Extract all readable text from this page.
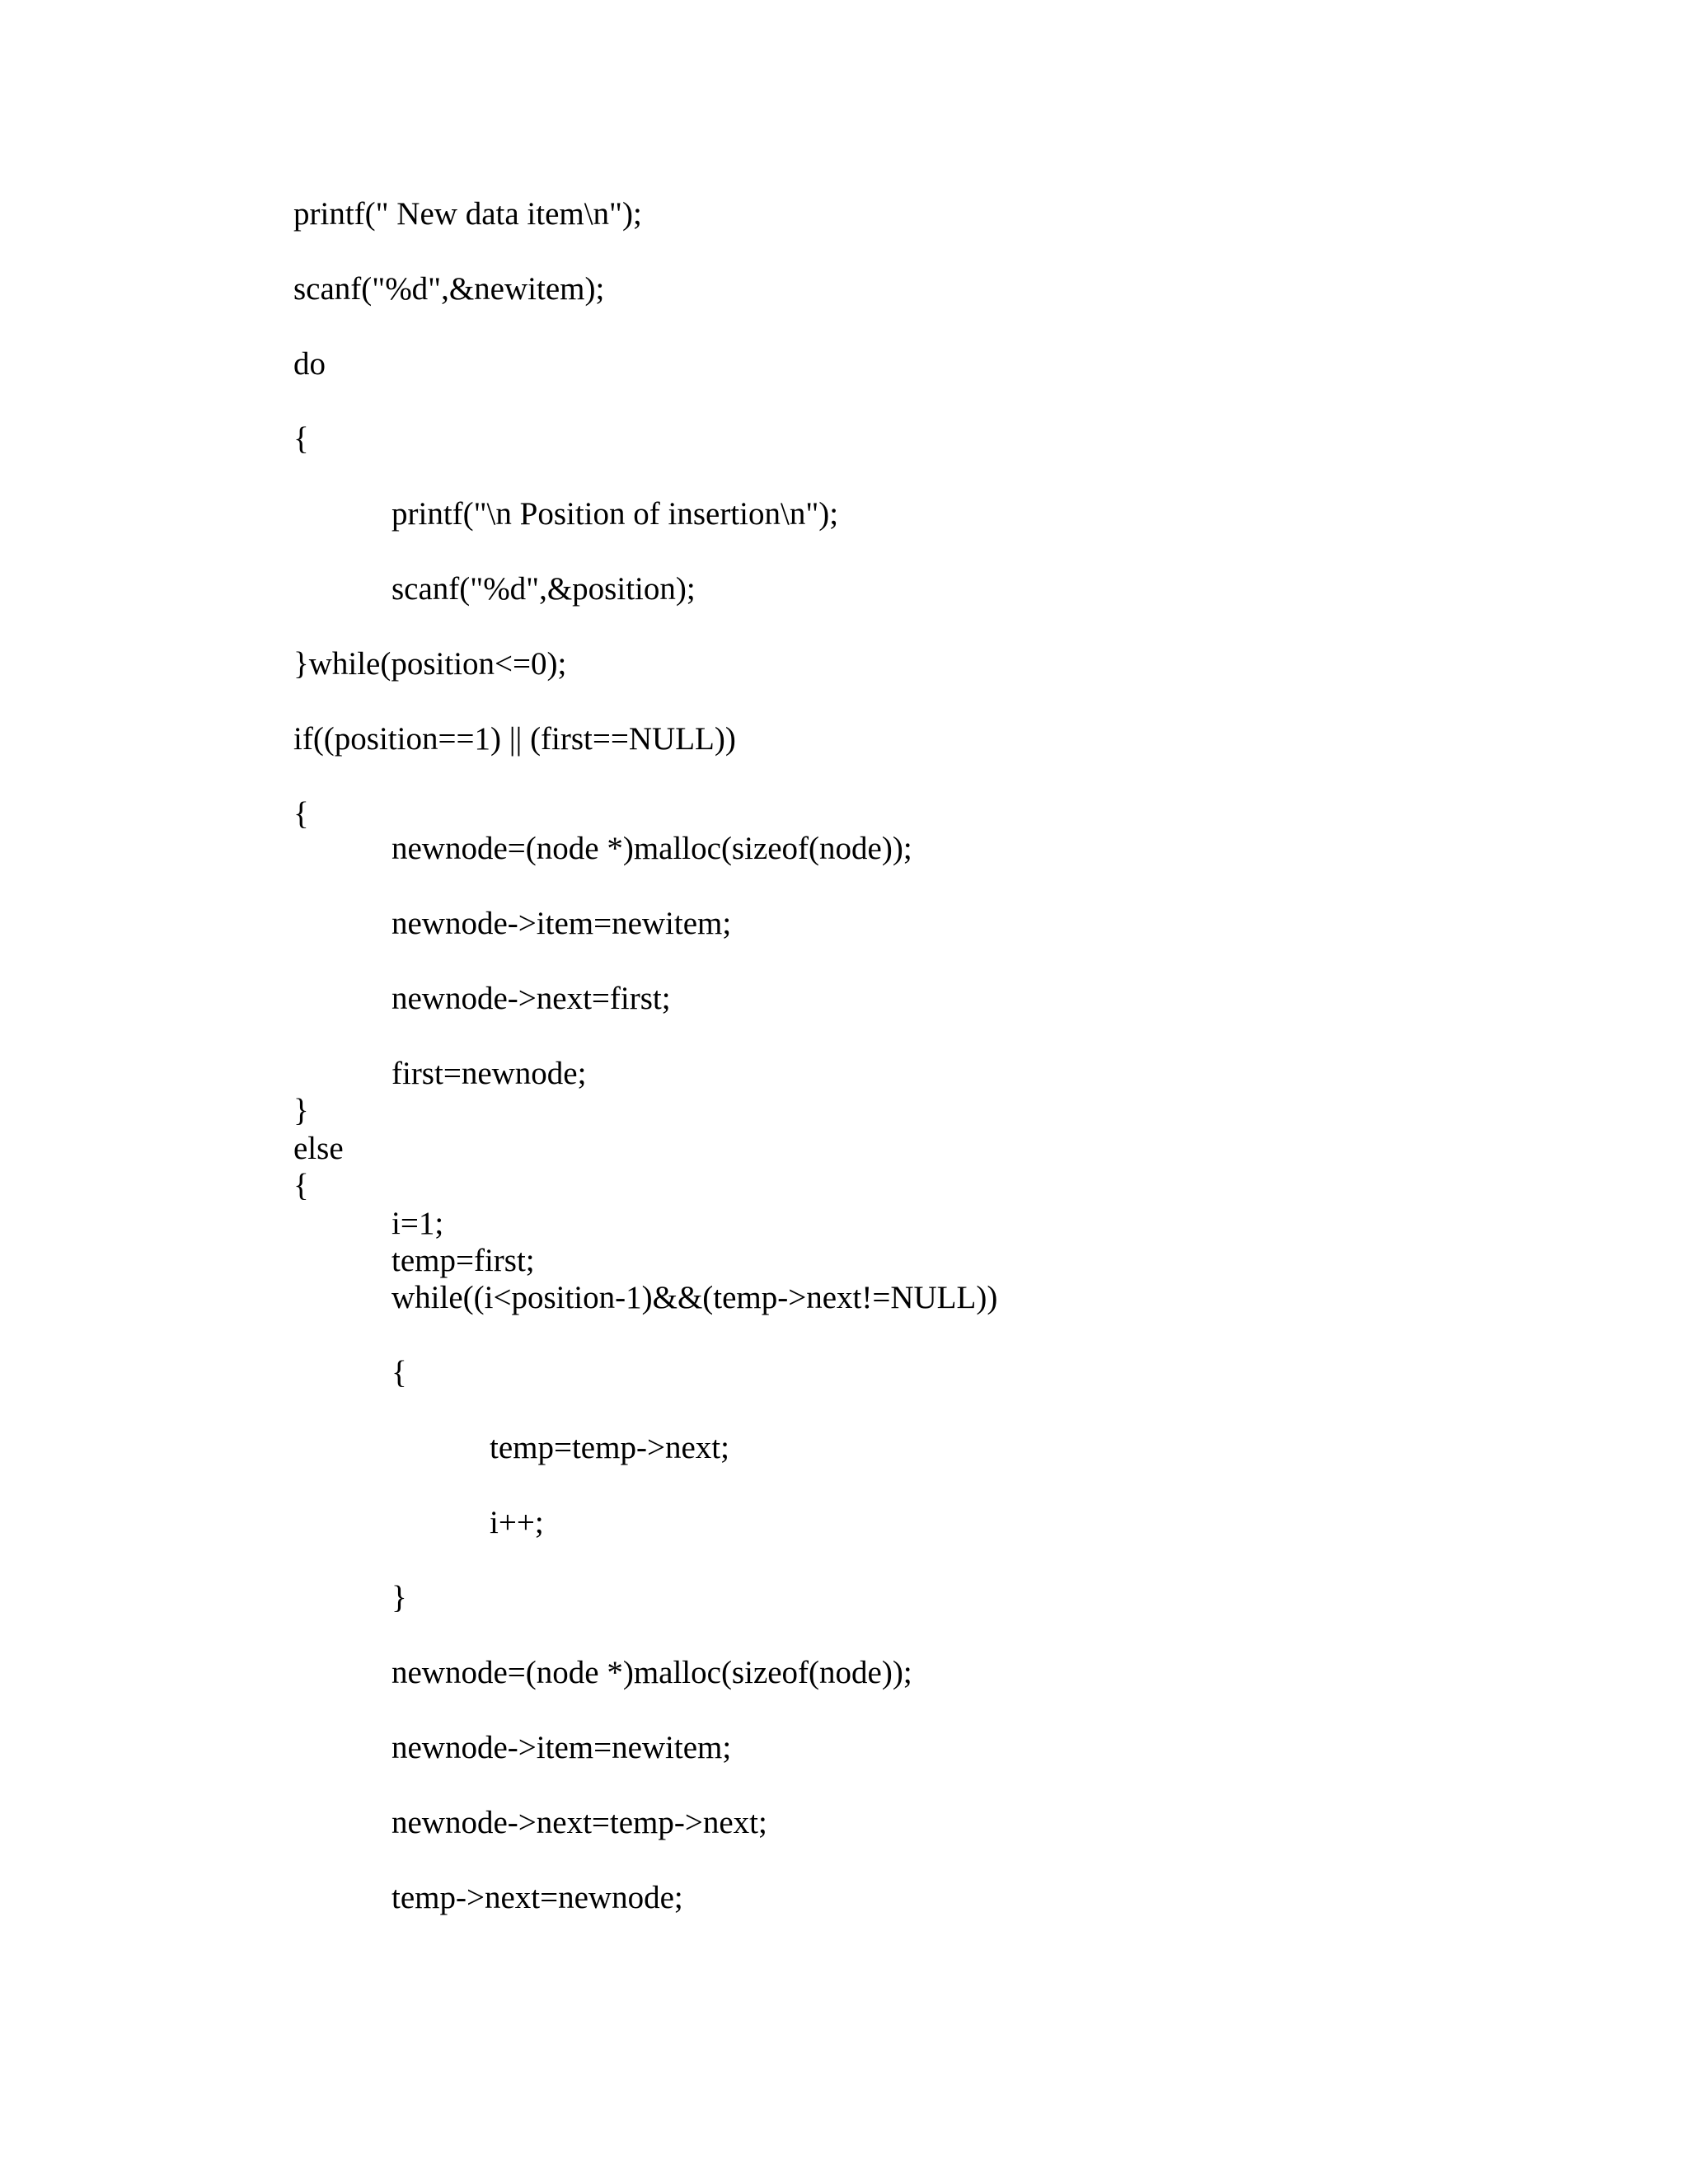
printf(" New data item\n");
scanf("%d",&newitem);
do
{
printf("\n Position of insertion\n");
scanf("%d",&position);
}while(position<=0);
if((position==1) || (first==NULL))
{
newnode=(node *)malloc(sizeof(node));
newnode->item=newitem;
newnode->next=first;
first=newnode;
}
else
{
i=1;
temp=first;
while((i<position-1)&&(temp->next!=NULL))
{
temp=temp->next;
i++;
}
newnode=(node *)malloc(sizeof(node));
newnode->item=newitem;
newnode->next=temp->next;
temp->next=newnode;
